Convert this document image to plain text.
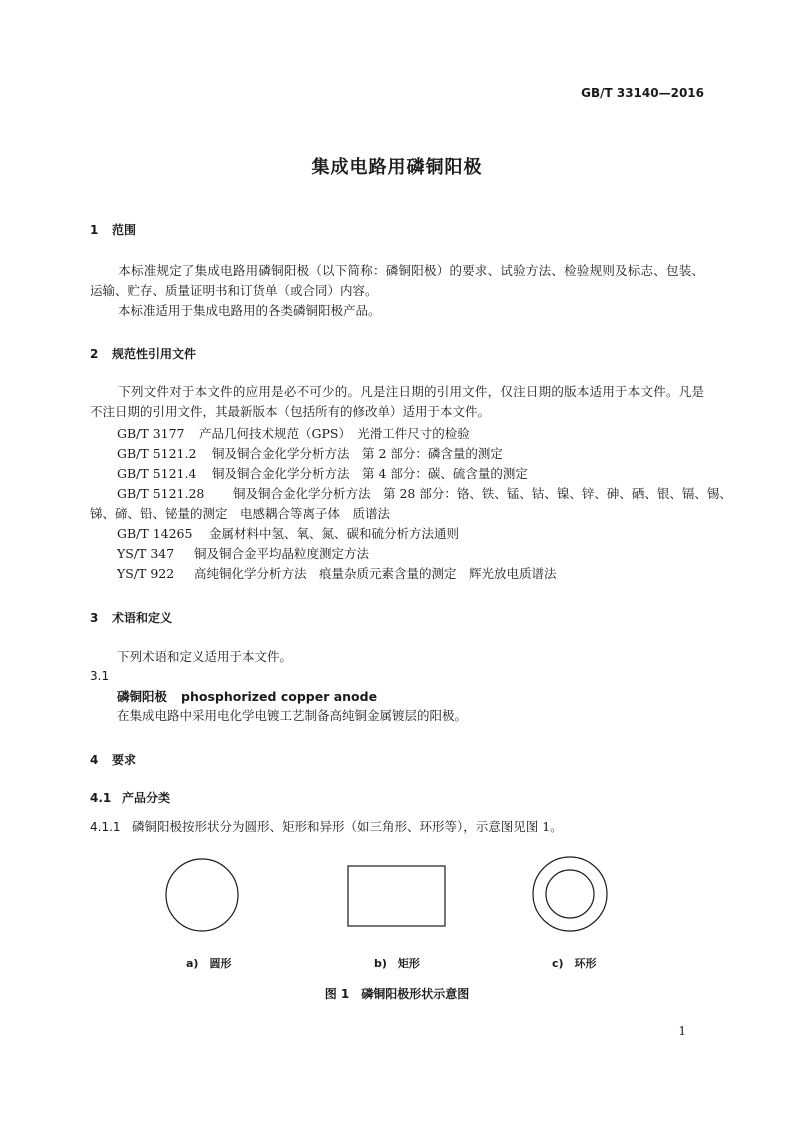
GB/T 33140—2016
集成电路用磷铜阳极
1 范围
本标准规定了集成电路用磷铜阳极（以下简称：磷铜阳极）的要求、试验方法、检验规则及标志、包装、运输、贮存、质量证明书和订货单（或合同）内容。
本标准适用于集成电路用的各类磷铜阳极产品。
2 规范性引用文件
下列文件对于本文件的应用是必不可少的。凡是注日期的引用文件，仅注日期的版本适用于本文件。凡是不注日期的引用文件，其最新版本（包括所有的修改单）适用于本文件。
GB/T 3177 产品几何技术规范（GPS）　光滑工件尺寸的检验
GB/T 5121.2 铜及铜合金化学分析方法　第 2 部分：磷含量的测定
GB/T 5121.4 铜及铜合金化学分析方法　第 4 部分：碳、硫含量的测定
GB/T 5121.28 铜及铜合金化学分析方法　第 28 部分：铬、铁、锰、钴、镍、锌、砷、硒、银、镉、锡、
锑、碲、铅、铋量的测定　电感耦合等离子体　质谱法
GB/T 14265 金属材料中氢、氧、氮、碳和硫分析方法通则
YS/T 347 铜及铜合金平均晶粒度测定方法
YS/T 922 高纯铜化学分析方法　痕量杂质元素含量的测定　辉光放电质谱法
3 术语和定义
下列术语和定义适用于本文件。
3.1
磷铜阳极 phosphorized copper anode
在集成电路中采用电化学电镀工艺制备高纯铜金属镀层的阳极。
4 要求
4.1 产品分类
4.1.1 磷铜阳极按形状分为圆形、矩形和异形（如三角形、环形等），示意图见图 1。
a)　圆形	b)　矩形	c)　环形
图 1　磷铜阳极形状示意图
1
